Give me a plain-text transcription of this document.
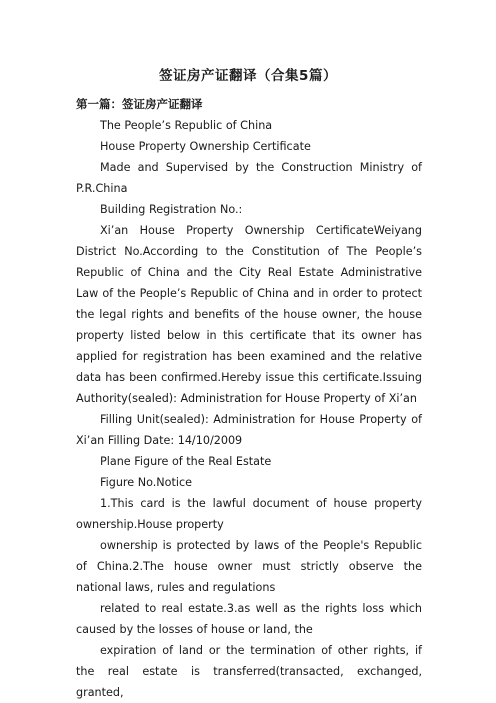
签证房产证翻译（合集5篇）
第一篇：签证房产证翻译

The People’s Republic of China

House Property Ownership Certificate

Made and Supervised by the Construction Ministry of P.R.China

Building Registration No.:

Xi’an House Property Ownership CertificateWeiyang District No.According to the Constitution of The People’s Republic of China and the City Real Estate Administrative Law of the People’s Republic of China and in order to protect the legal rights and benefits of the house owner, the house property listed below in this certificate that its owner has applied for registration has been examined and the relative data has been confirmed.Hereby issue this certificate.Issuing Authority(sealed): Administration for House Property of Xi’an

Filling Unit(sealed): Administration for House Property of Xi’an Filling Date: 14/10/2009

Plane Figure of the Real Estate

Figure No.Notice

1.This card is the lawful document of house property ownership.House property

ownership is protected by laws of the People's Republic of China.2.The house owner must strictly observe the national laws, rules and regulations

related to real estate.3.as well as the rights loss which caused by the losses of house or land, the

expiration of land or the termination of other rights, if the real estate is transferred(transacted, exchanged, granted,
